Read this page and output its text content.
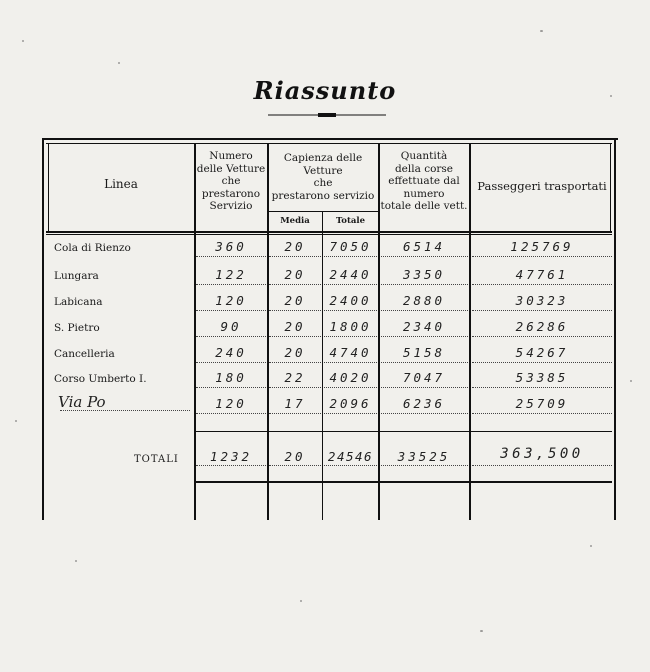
Riassunto
Linea
Numero
delle Vetture
che
prestarono
Servizio
Capienza delle
Vetture
che
prestarono servizio
Media	Totale
Quantità
della corse
effettuate dal
numero
totale delle vett.
Passeggeri trasportati
Cola di Rienzo	360	20	7050	6514	125769
Lungara	122	20	2440	3350	47761
Labicana	120	20	2400	2880	30323
S. Pietro	90	20	1800	2340	26286
Cancelleria	240	20	4740	5158	54267
Corso Umberto I.	180	22	4020	7047	53385
Via Po	120	17	2096	6236	25709
TOTALI	1232	20	24546	33525	363,500
